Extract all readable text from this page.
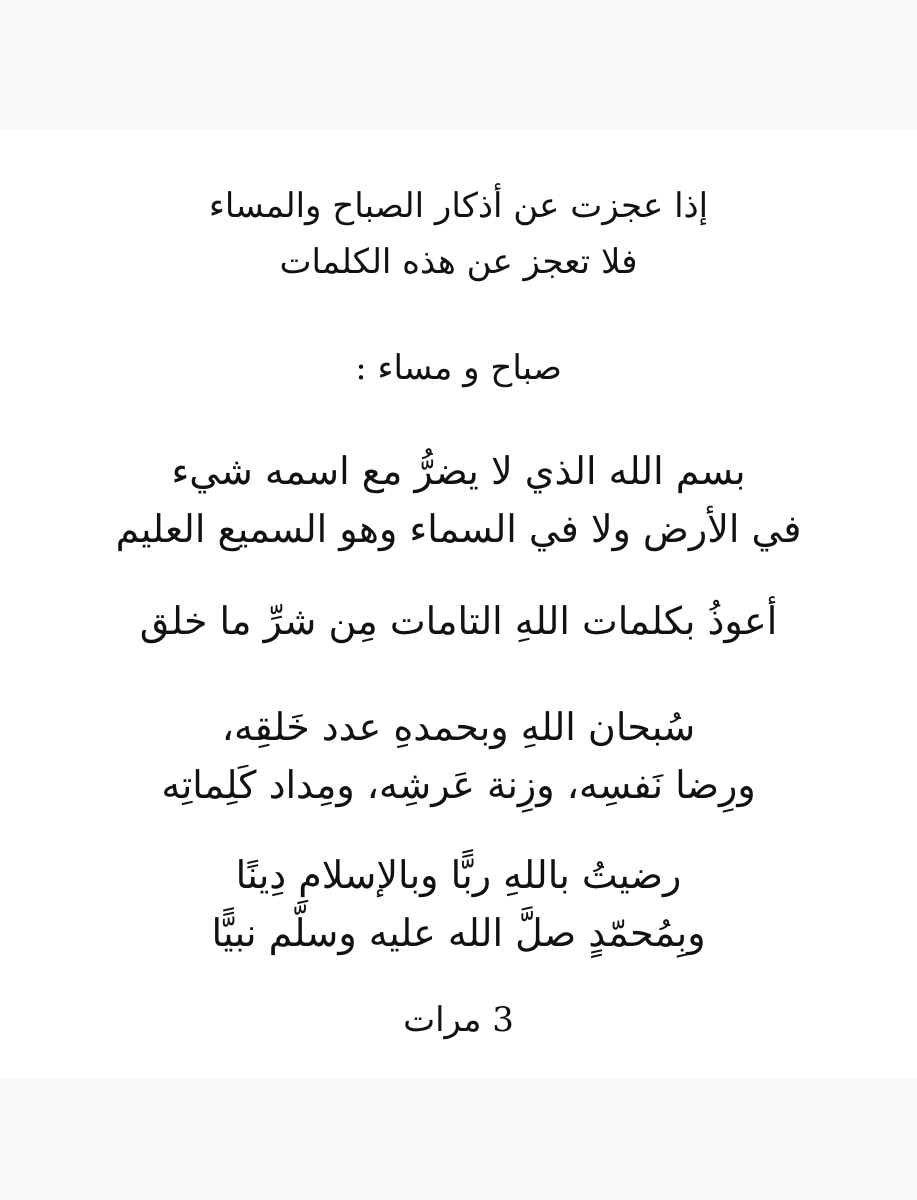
إذا عجزت عن أذكار الصباح والمساء
فلا تعجز عن هذه الكلمات
صباح و مساء :
بسم الله الذي لا يضرُّ مع اسمه شيء
في الأرض ولا في السماء وهو السميع العليم
أعوذُ بكلمات اللهِ التامات مِن شرِّ ما خلق
سُبحان اللهِ وبحمدهِ عدد خَلقِه،
ورِضا نَفسِه، وزِنة عَرشِه، ومِداد كَلِماتِه
رضيتُ باللهِ ربًّا وبالإسلامِ دِينًا
وبِمُحمّدٍ صلَّ الله عليه وسلّم نبيًّا
3 مرات
